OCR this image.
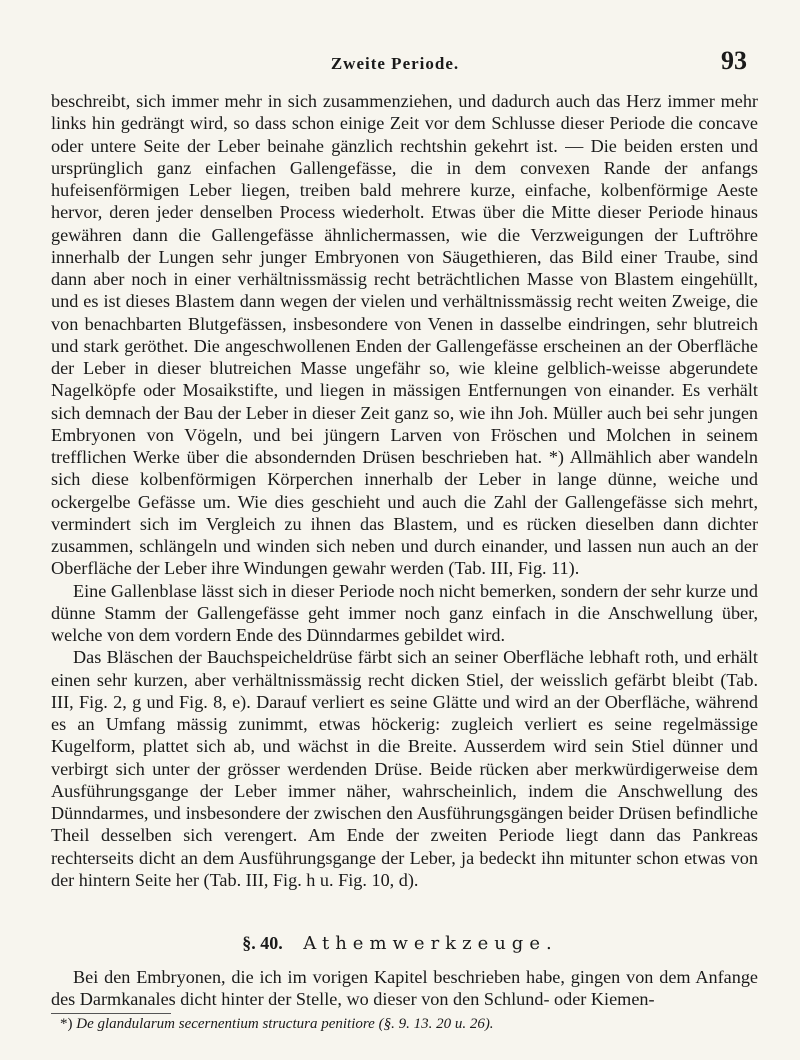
Zweite Periode.	93

beschreibt, sich immer mehr in sich zusammenziehen, und dadurch auch das Herz immer mehr links hin gedrängt wird, so dass schon einige Zeit vor dem Schlusse dieser Periode die concave oder untere Seite der Leber beinahe gänzlich rechtshin gekehrt ist. — Die beiden ersten und ursprünglich ganz einfachen Gallengefässe, die in dem convexen Rande der anfangs hufeisenförmigen Leber liegen, treiben bald mehrere kurze, einfache, kolbenförmige Aeste hervor, deren jeder denselben Process wiederholt. Etwas über die Mitte dieser Periode hinaus gewähren dann die Gallengefässe ähnlichermassen, wie die Verzweigungen der Luftröhre innerhalb der Lungen sehr junger Embryonen von Säugethieren, das Bild einer Traube, sind dann aber noch in einer verhältnissmässig recht beträchtlichen Masse von Blastem eingehüllt, und es ist dieses Blastem dann wegen der vielen und verhältnissmässig recht weiten Zweige, die von benachbarten Blutgefässen, insbesondere von Venen in dasselbe eindringen, sehr blutreich und stark geröthet. Die angeschwollenen Enden der Gallengefässe erscheinen an der Oberfläche der Leber in dieser blutreichen Masse ungefähr so, wie kleine gelblich-weisse abgerundete Nagelköpfe oder Mosaikstifte, und liegen in mässigen Entfernungen von einander. Es verhält sich demnach der Bau der Leber in dieser Zeit ganz so, wie ihn Joh. Müller auch bei sehr jungen Embryonen von Vögeln, und bei jüngern Larven von Fröschen und Molchen in seinem trefflichen Werke über die absondernden Drüsen beschrieben hat. *) Allmählich aber wandeln sich diese kolbenförmigen Körperchen innerhalb der Leber in lange dünne, weiche und ockergelbe Gefässe um. Wie dies geschieht und auch die Zahl der Gallengefässe sich mehrt, vermindert sich im Vergleich zu ihnen das Blastem, und es rücken dieselben dann dichter zusammen, schlängeln und winden sich neben und durch einander, und lassen nun auch an der Oberfläche der Leber ihre Windungen gewahr werden (Tab. III, Fig. 11).

Eine Gallenblase lässt sich in dieser Periode noch nicht bemerken, sondern der sehr kurze und dünne Stamm der Gallengefässe geht immer noch ganz einfach in die Anschwellung über, welche von dem vordern Ende des Dünndarmes gebildet wird.

Das Bläschen der Bauchspeicheldrüse färbt sich an seiner Oberfläche lebhaft roth, und erhält einen sehr kurzen, aber verhältnissmässig recht dicken Stiel, der weisslich gefärbt bleibt (Tab. III, Fig. 2, g und Fig. 8, e). Darauf verliert es seine Glätte und wird an der Oberfläche, während es an Umfang mässig zunimmt, etwas höckerig: zugleich verliert es seine regelmässige Kugelform, plattet sich ab, und wächst in die Breite. Ausserdem wird sein Stiel dünner und verbirgt sich unter der grösser werdenden Drüse. Beide rücken aber merkwürdigerweise dem Ausführungsgange der Leber immer näher, wahrscheinlich, indem die Anschwellung des Dünndarmes, und insbesondere der zwischen den Ausführungsgängen beider Drüsen befindliche Theil desselben sich verengert. Am Ende der zweiten Periode liegt dann das Pankreas rechterseits dicht an dem Ausführungsgange der Leber, ja bedeckt ihn mitunter schon etwas von der hintern Seite her (Tab. III, Fig. h u. Fig. 10, d).

§. 40. Athemwerkzeuge.

Bei den Embryonen, die ich im vorigen Kapitel beschrieben habe, gingen von dem Anfange des Darmkanales dicht hinter der Stelle, wo dieser von den Schlund- oder Kiemen-

*) De glandularum secernentium structura penitiore (§. 9. 13. 20 u. 26).
